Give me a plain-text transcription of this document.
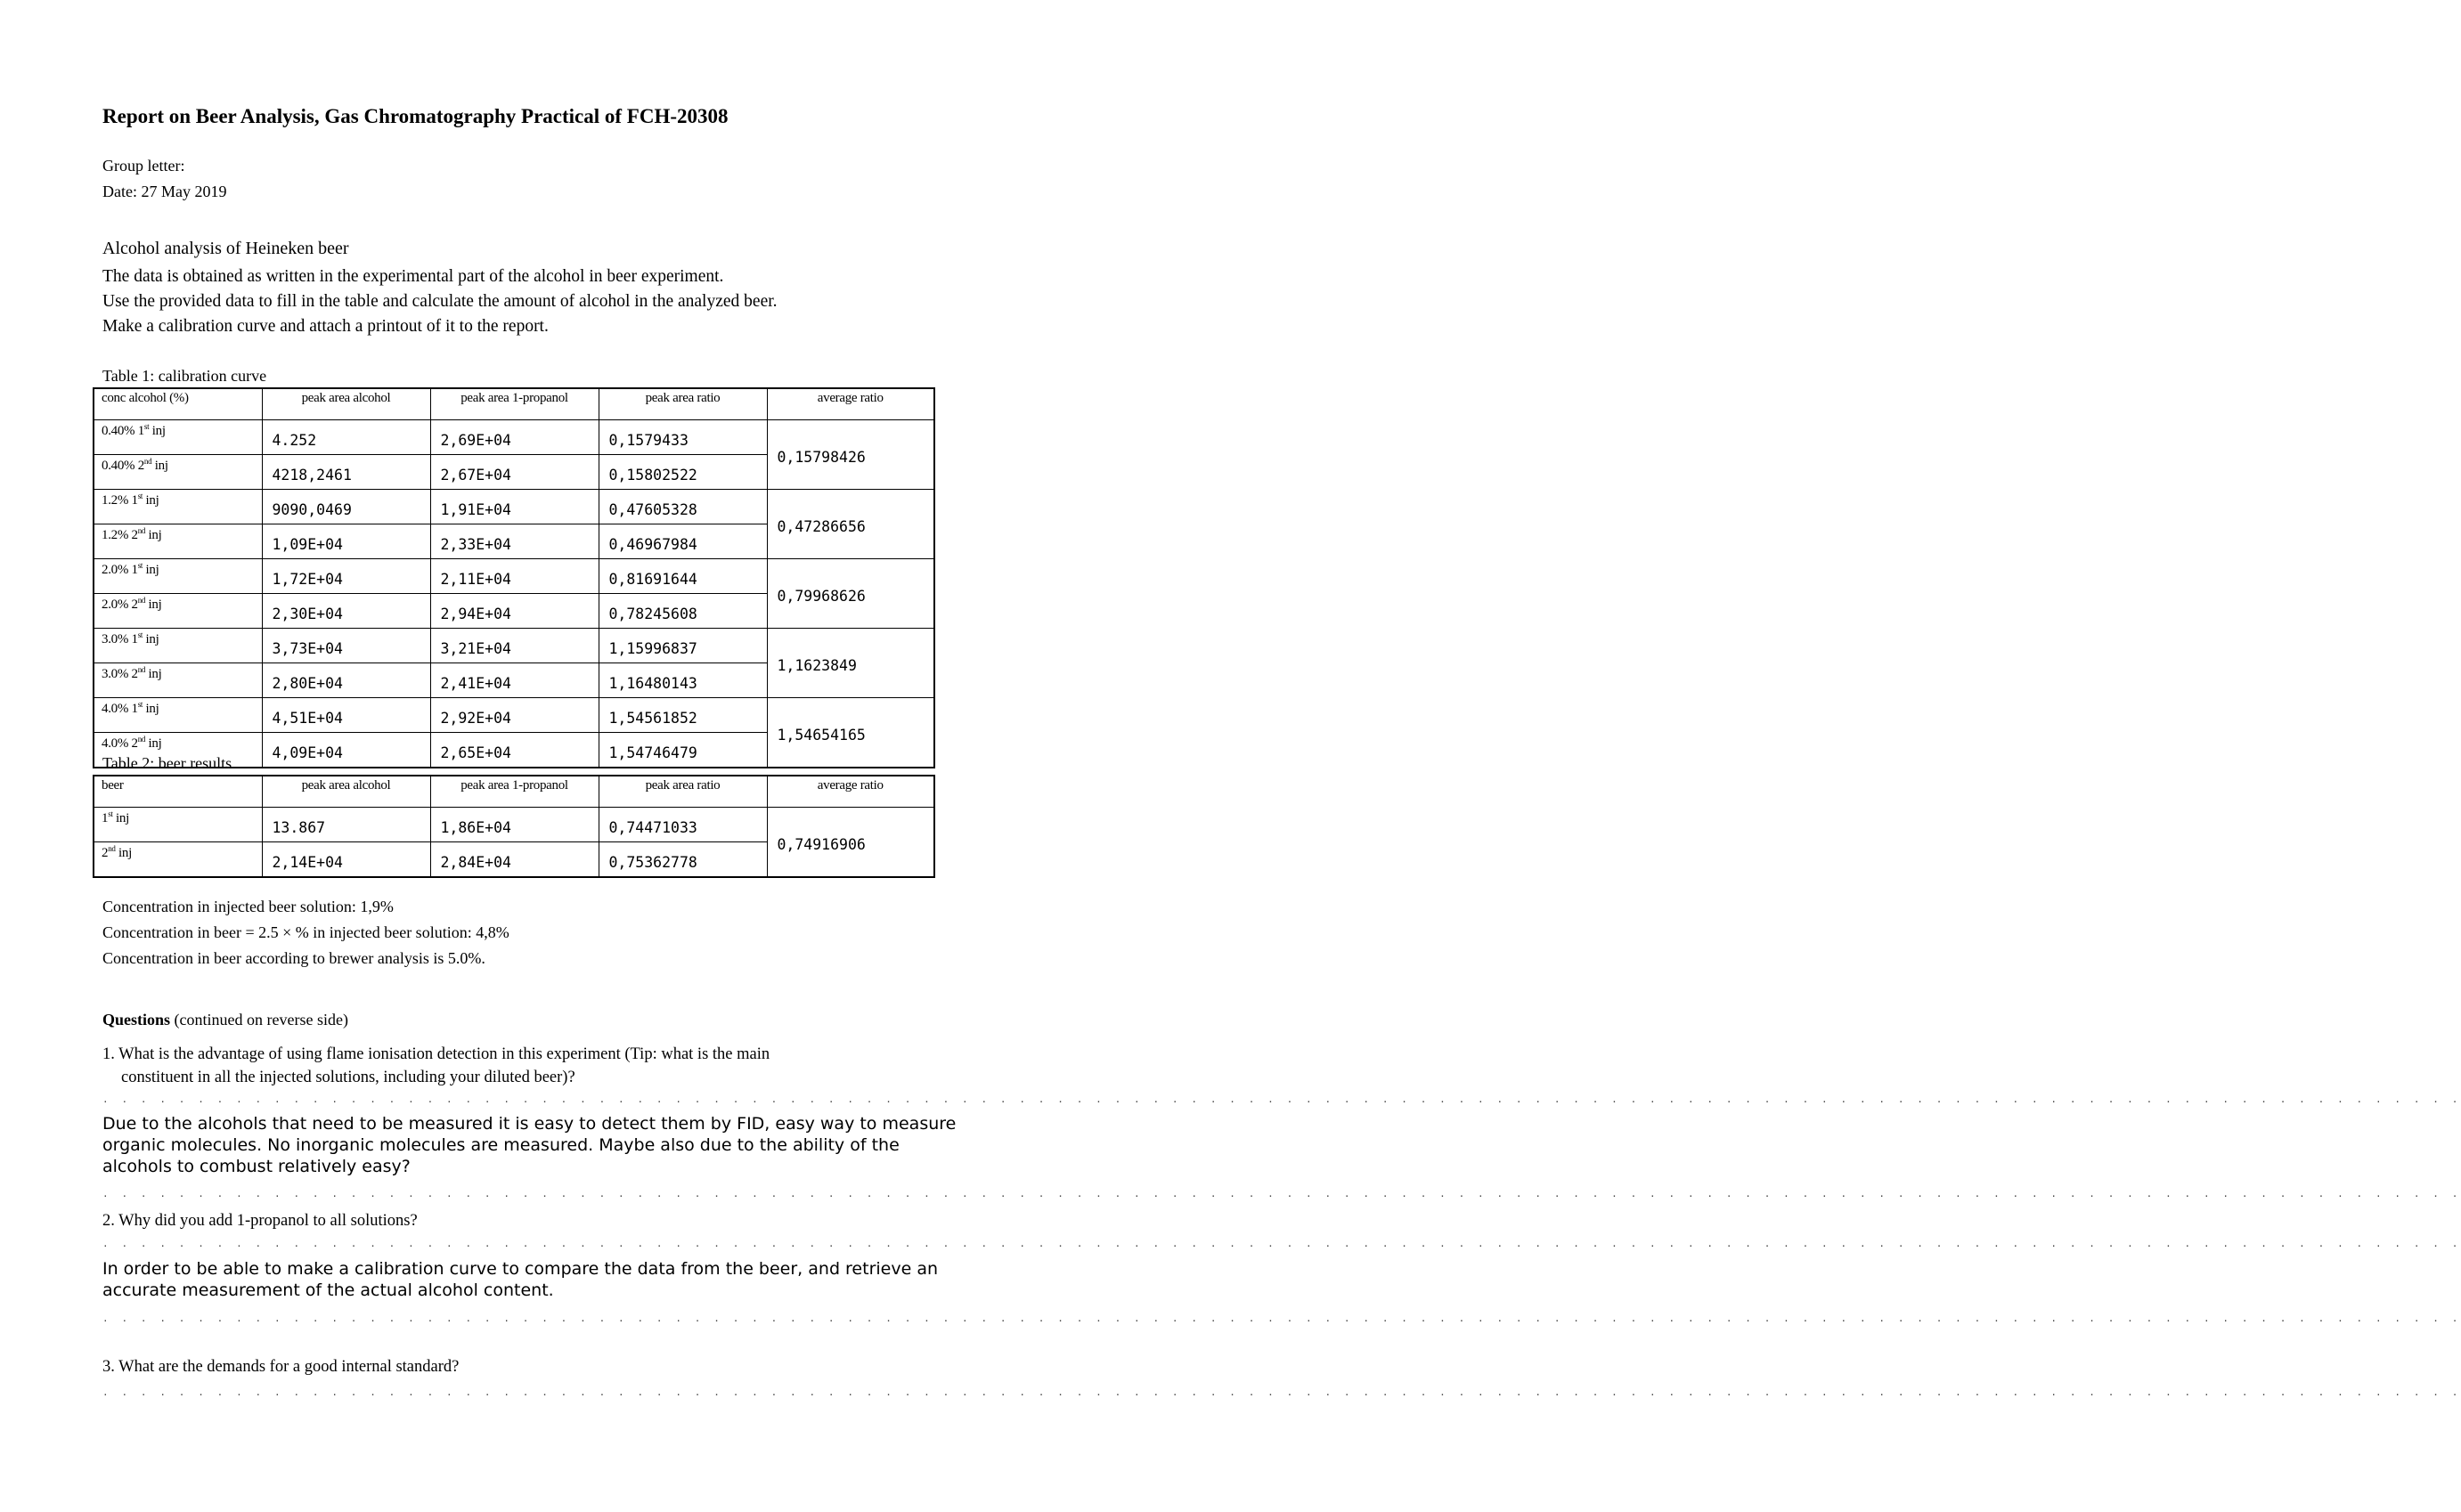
Report on Beer Analysis, Gas Chromatography Practical of FCH-20308
Group letter:
Date: 27 May 2019
Alcohol analysis of Heineken beer
The data is obtained as written in the experimental part of the alcohol in beer experiment.
Use the provided data to fill in the table and calculate the amount of alcohol in the analyzed beer.
Make a calibration curve and attach a printout of it to the report.
Table 1: calibration curve
conc alcohol (%)	peak area alcohol	peak area 1-propanol	peak area ratio	average ratio
0.40% 1st inj	4.252	2,69E+04	0,1579433	0,15798426
0.40% 2nd inj	4218,2461	2,67E+04	0,15802522	
1.2% 1st inj	9090,0469	1,91E+04	0,47605328	0,47286656
1.2% 2nd inj	1,09E+04	2,33E+04	0,46967984	
2.0% 1st inj	1,72E+04	2,11E+04	0,81691644	0,79968626
2.0% 2nd inj	2,30E+04	2,94E+04	0,78245608	
3.0% 1st inj	3,73E+04	3,21E+04	1,15996837	1,1623849
3.0% 2nd inj	2,80E+04	2,41E+04	1,16480143	
4.0% 1st inj	4,51E+04	2,92E+04	1,54561852	1,54654165
4.0% 2nd inj	4,09E+04	2,65E+04	1,54746479	
Table 2: beer results
beer	peak area alcohol	peak area 1-propanol	peak area ratio	average ratio
1st inj	13.867	1,86E+04	0,74471033	0,74916906
2nd inj	2,14E+04	2,84E+04	0,75362778	
Concentration in injected beer solution: 1,9%
Concentration in beer = 2.5 × % in injected beer solution: 4,8%
Concentration in beer according to brewer analysis is 5.0%.
Questions (continued on reverse side)
1. What is the advantage of using flame ionisation detection in this experiment (Tip: what is the main
constituent in all the injected solutions, including your diluted beer)?
. . . . . . . . . . . . . . . . . . . . . . . . . . . . . . . . . . . . . . . . . . . . . . . . . . . . . . . . . . . . . . . . . . . . . . . . . . . . . . . . . . . . . . . . . . . . . . . . . . . . . . . . . . . . . . . . . . . . . . . . . . . .
Due to the alcohols that need to be measured it is easy to detect them by FID, easy way to measure organic molecules. No inorganic molecules are measured. Maybe also due to the ability of the alcohols to combust relatively easy?
. . . . . . . . . . . . . . . . . . . . . . . . . . . . . . . . . . . . . . . . . . . . . . . . . . . . . . . . . . . . . . . . . . . . . . . . . . . . . . . . . . . . . . . . . . . . . . . . . . . . . . . . . . . . . . . . . . . . . . . . . . . .
2. Why did you add 1-propanol to all solutions?
. . . . . . . . . . . . . . . . . . . . . . . . . . . . . . . . . . . . . . . . . . . . . . . . . . . . . . . . . . . . . . . . . . . . . . . . . . . . . . . . . . . . . . . . . . . . . . . . . . . . . . . . . . . . . . . . . . . . . . . . . . . .
In order to be able to make a calibration curve to compare the data from the beer, and retrieve an accurate measurement of the actual alcohol content.
. . . . . . . . . . . . . . . . . . . . . . . . . . . . . . . . . . . . . . . . . . . . . . . . . . . . . . . . . . . . . . . . . . . . . . . . . . . . . . . . . . . . . . . . . . . . . . . . . . . . . . . . . . . . . . . . . . . . . . . . . . . .
3. What are the demands for a good internal standard?
. . . . . . . . . . . . . . . . . . . . . . . . . . . . . . . . . . . . . . . . . . . . . . . . . . . . . . . . . . . . . . . . . . . . . . . . . . . . . . . . . . . . . . . . . . . . . . . . . . . . . . . . . . . . . . . . . . . . . . . . . . . .
